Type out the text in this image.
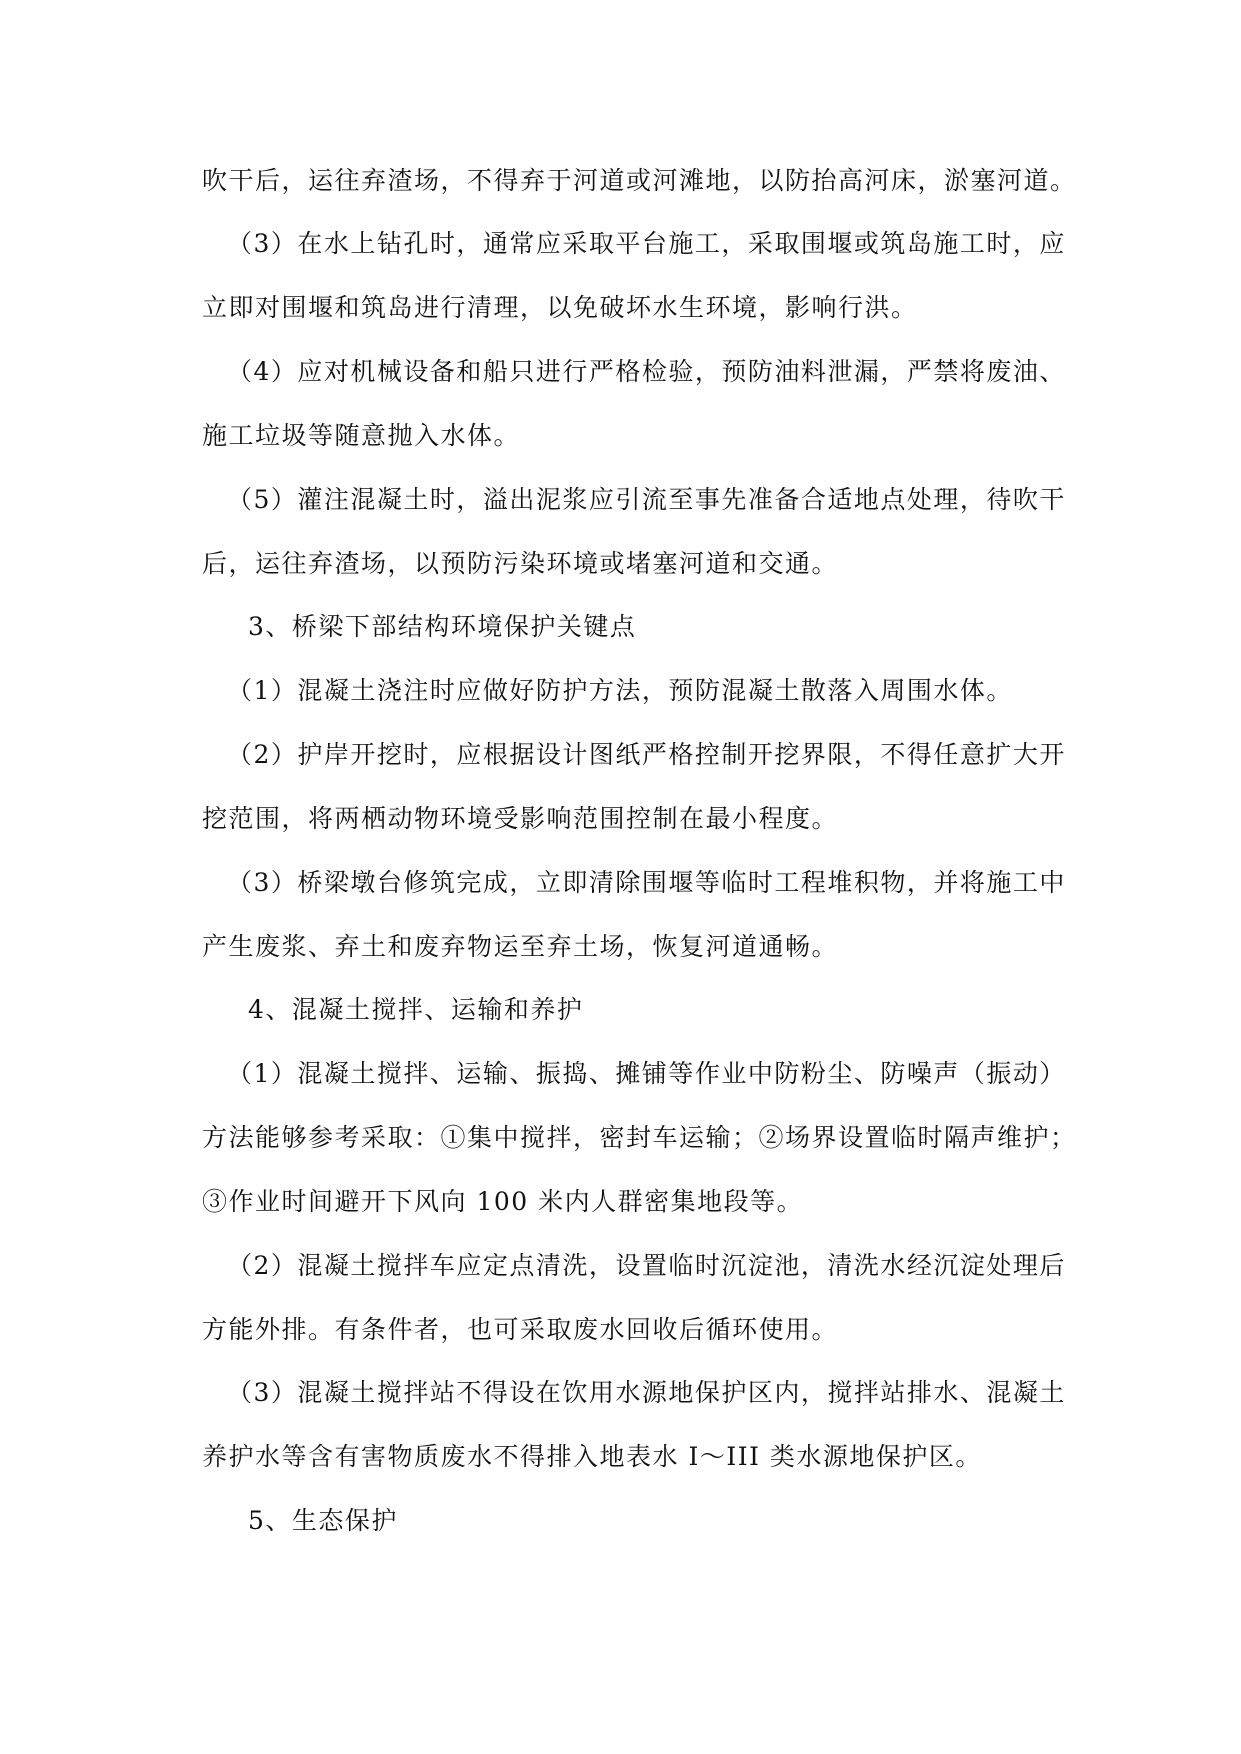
吹干后，运往弃渣场，不得弃于河道或河滩地，以防抬高河床，淤塞河道。
（3）在水上钻孔时，通常应采取平台施工，采取围堰或筑岛施工时，应
立即对围堰和筑岛进行清理，以免破坏水生环境，影响行洪。
（4）应对机械设备和船只进行严格检验，预防油料泄漏，严禁将废油、
施工垃圾等随意抛入水体。
（5）灌注混凝土时，溢出泥浆应引流至事先准备合适地点处理，待吹干
后，运往弃渣场，以预防污染环境或堵塞河道和交通。
3、桥梁下部结构环境保护关键点
（1）混凝土浇注时应做好防护方法，预防混凝土散落入周围水体。
（2）护岸开挖时，应根据设计图纸严格控制开挖界限，不得任意扩大开
挖范围，将两栖动物环境受影响范围控制在最小程度。
（3）桥梁墩台修筑完成，立即清除围堰等临时工程堆积物，并将施工中
产生废浆、弃土和废弃物运至弃土场，恢复河道通畅。
4、混凝土搅拌、运输和养护
（1）混凝土搅拌、运输、振捣、摊铺等作业中防粉尘、防噪声（振动）
方法能够参考采取：①集中搅拌，密封车运输；②场界设置临时隔声维护；
③作业时间避开下风向 100 米内人群密集地段等。
（2）混凝土搅拌车应定点清洗，设置临时沉淀池，清洗水经沉淀处理后
方能外排。有条件者，也可采取废水回收后循环使用。
（3）混凝土搅拌站不得设在饮用水源地保护区内，搅拌站排水、混凝土
养护水等含有害物质废水不得排入地表水 I～III 类水源地保护区。
5、生态保护
